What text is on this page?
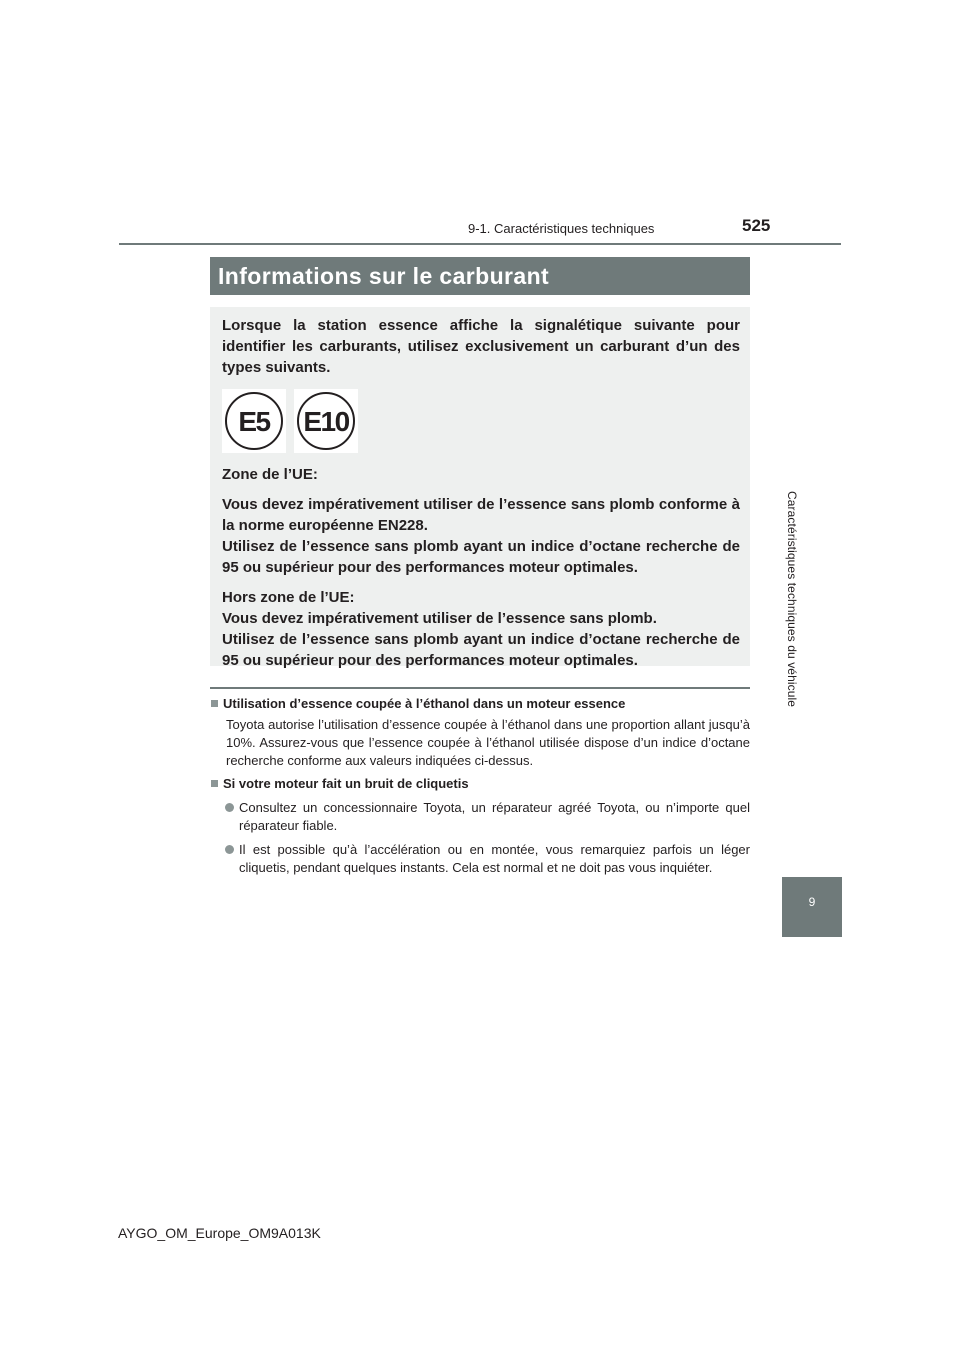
9-1. Caractéristiques techniques	525
Caractéristiques techniques du véhicule
9
Informations sur le carburant

Lorsque la station essence affiche la signalétique suivante pour identifier les carburants, utilisez exclusivement un carburant d’un des types suivants.

E5	E10

Zone de l’UE:

Vous devez impérativement utiliser de l’essence sans plomb conforme à la norme européenne EN228.

Utilisez de l’essence sans plomb ayant un indice d’octane recherche de 95 ou supérieur pour des performances moteur optimales.

Hors zone de l’UE:

Vous devez impérativement utiliser de l’essence sans plomb.

Utilisez de l’essence sans plomb ayant un indice d’octane recherche de 95 ou supérieur pour des performances moteur optimales.

Utilisation d’essence coupée à l’éthanol dans un moteur essence
Toyota autorise l’utilisation d’essence coupée à l’éthanol dans une proportion allant jusqu’à 10%. Assurez-vous que l’essence coupée à l’éthanol utilisée dispose d’un indice d’octane recherche conforme aux valeurs indiquées ci-dessus.
Si votre moteur fait un bruit de cliquetis
Consultez un concessionnaire Toyota, un réparateur agréé Toyota, ou n’importe quel réparateur fiable.
Il est possible qu’à l’accélération ou en montée, vous remarquiez parfois un léger cliquetis, pendant quelques instants. Cela est normal et ne doit pas vous inquiéter.
AYGO_OM_Europe_OM9A013K
